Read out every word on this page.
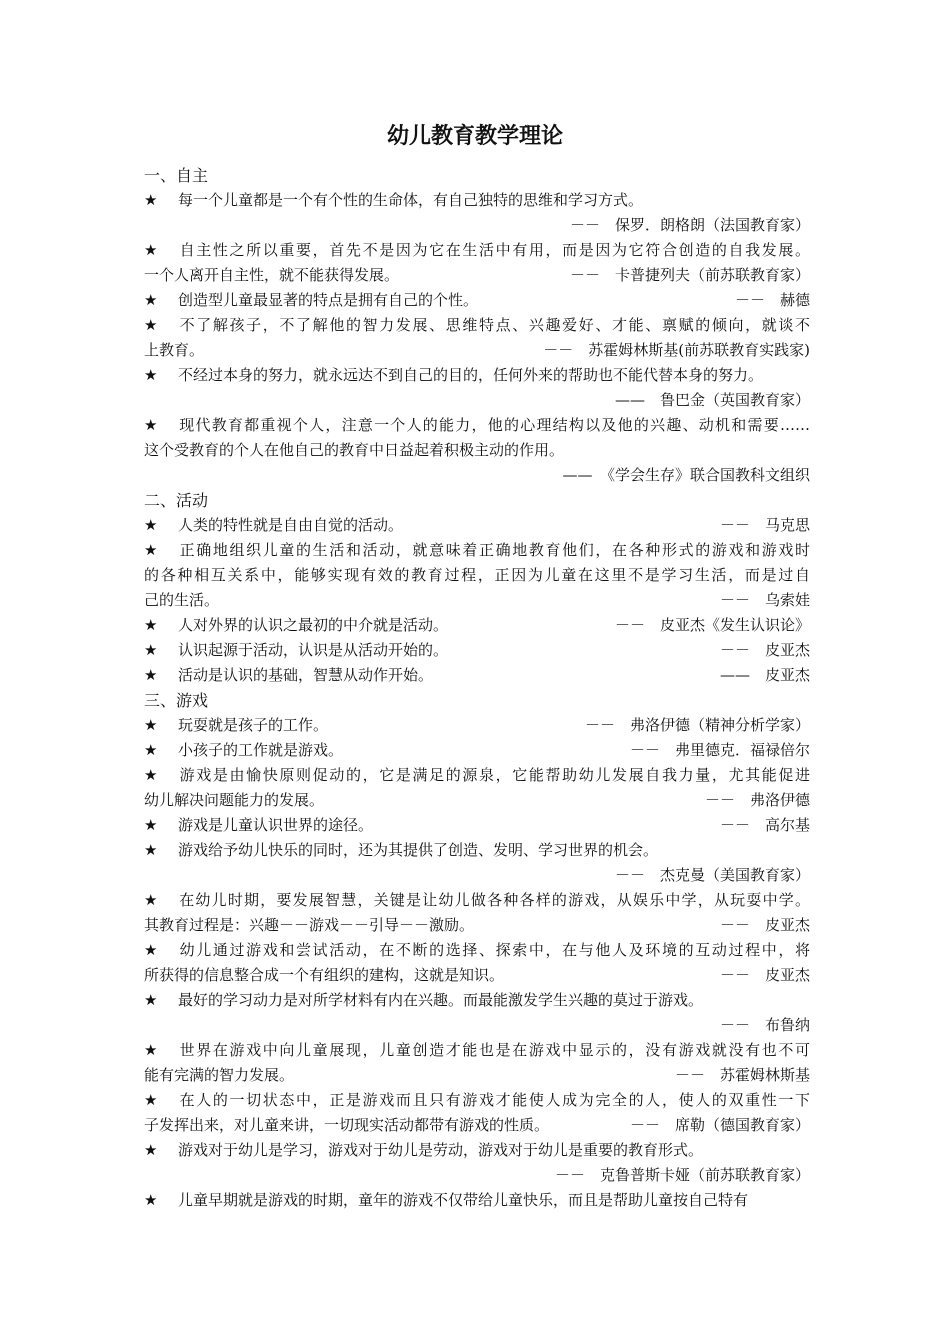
幼儿教育教学理论
一、自主
★ 每一个儿童都是一个有个性的生命体，有自己独特的思维和学习方式。
－－　保罗．朗格朗（法国教育家）
★ 自主性之所以重要，首先不是因为它在生活中有用，而是因为它符合创造的自我发展。
一个人离开自主性，就不能获得发展。	－－　卡普捷列夫（前苏联教育家）
★ 创造型儿童最显著的特点是拥有自己的个性。	－－　赫德
★ 不了解孩子，不了解他的智力发展、思维特点、兴趣爱好、才能、禀赋的倾向，就谈不
上教育。	－－　苏霍姆林斯基(前苏联教育实践家)
★ 不经过本身的努力，就永远达不到自己的目的，任何外来的帮助也不能代替本身的努力。
——　鲁巴金（英国教育家）
★ 现代教育都重视个人，注意一个人的能力，他的心理结构以及他的兴趣、动机和需要……
这个受教育的个人在他自己的教育中日益起着积极主动的作用。
——　《学会生存》联合国教科文组织
二、活动
★ 人类的特性就是自由自觉的活动。	－－　马克思
★ 正确地组织儿童的生活和活动，就意味着正确地教育他们，在各种形式的游戏和游戏时
的各种相互关系中，能够实现有效的教育过程，正因为儿童在这里不是学习生活，而是过自
己的生活。	－－　乌索娃
★ 人对外界的认识之最初的中介就是活动。	－－　皮亚杰《发生认识论》
★ 认识起源于活动，认识是从活动开始的。	－－　皮亚杰
★ 活动是认识的基础，智慧从动作开始。	——　皮亚杰
三、游戏
★ 玩耍就是孩子的工作。	－－　弗洛伊德（精神分析学家）
★ 小孩子的工作就是游戏。	－－　弗里德克．福禄倍尔
★ 游戏是由愉快原则促动的，它是满足的源泉，它能帮助幼儿发展自我力量，尤其能促进
幼儿解决问题能力的发展。	－－　弗洛伊德
★ 游戏是儿童认识世界的途径。	－－　高尔基
★ 游戏给予幼儿快乐的同时，还为其提供了创造、发明、学习世界的机会。
－－　杰克曼（美国教育家）
★ 在幼儿时期，要发展智慧，关键是让幼儿做各种各样的游戏，从娱乐中学，从玩耍中学。
其教育过程是：兴趣－－游戏－－引导－－激励。	－－　皮亚杰
★ 幼儿通过游戏和尝试活动，在不断的选择、探索中，在与他人及环境的互动过程中，将
所获得的信息整合成一个有组织的建构，这就是知识。	－－　皮亚杰
★ 最好的学习动力是对所学材料有内在兴趣。而最能激发学生兴趣的莫过于游戏。
－－　布鲁纳
★ 世界在游戏中向儿童展现，儿童创造才能也是在游戏中显示的，没有游戏就没有也不可
能有完满的智力发展。	－－　苏霍姆林斯基
★ 在人的一切状态中，正是游戏而且只有游戏才能使人成为完全的人，使人的双重性一下
子发挥出来，对儿童来讲，一切现实活动都带有游戏的性质。	－－　席勒（德国教育家）
★ 游戏对于幼儿是学习，游戏对于幼儿是劳动，游戏对于幼儿是重要的教育形式。
－－　克鲁普斯卡娅（前苏联教育家）
★ 儿童早期就是游戏的时期，童年的游戏不仅带给儿童快乐，而且是帮助儿童按自己特有
